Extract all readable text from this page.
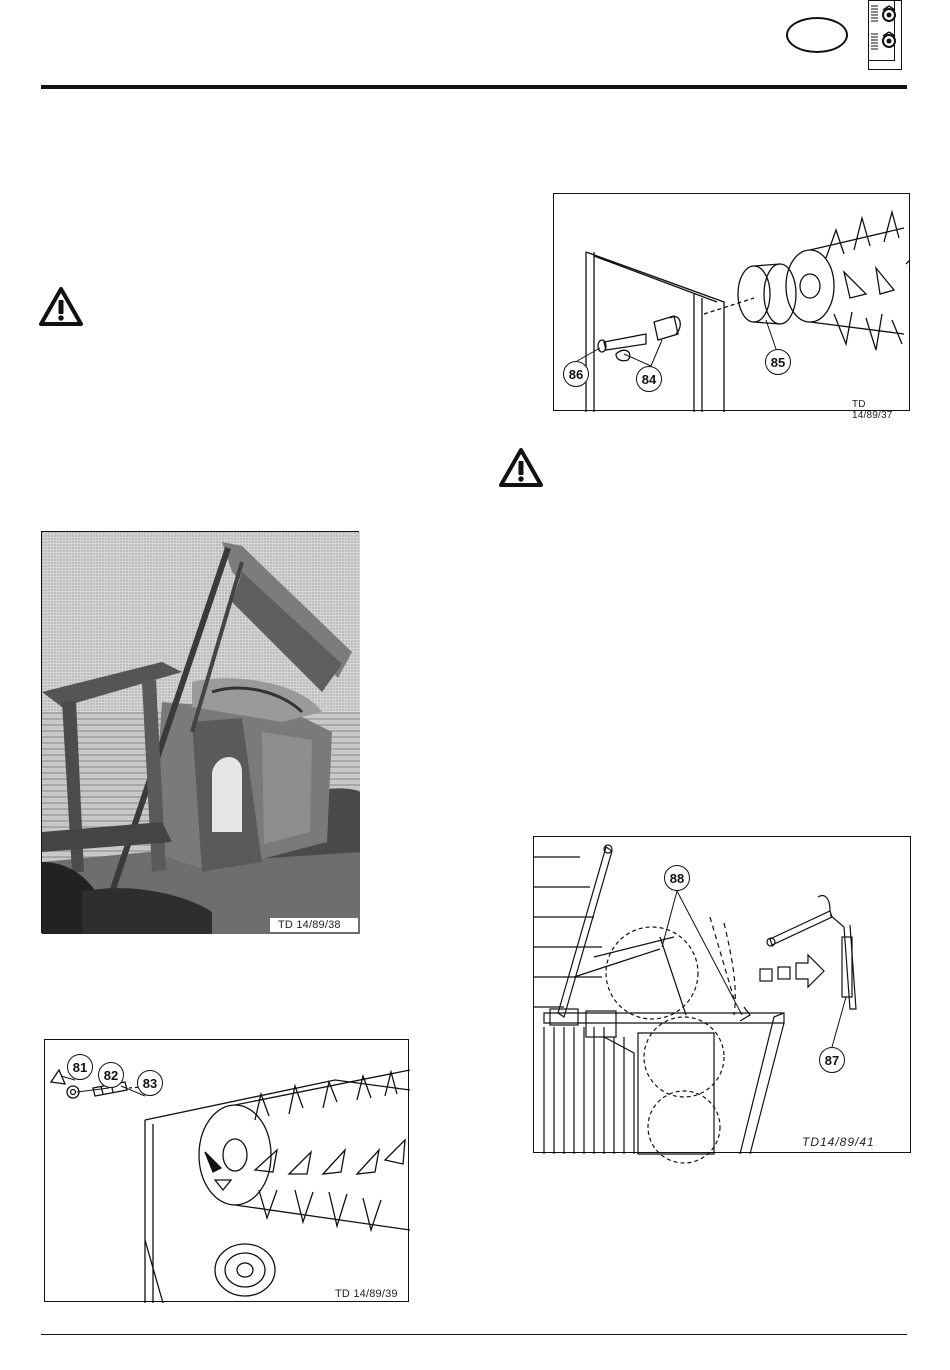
86	84
85
TD 14/89/37
TD 14/89/38
81
82
83
TD 14/89/39
88
87
TD14/89/41
